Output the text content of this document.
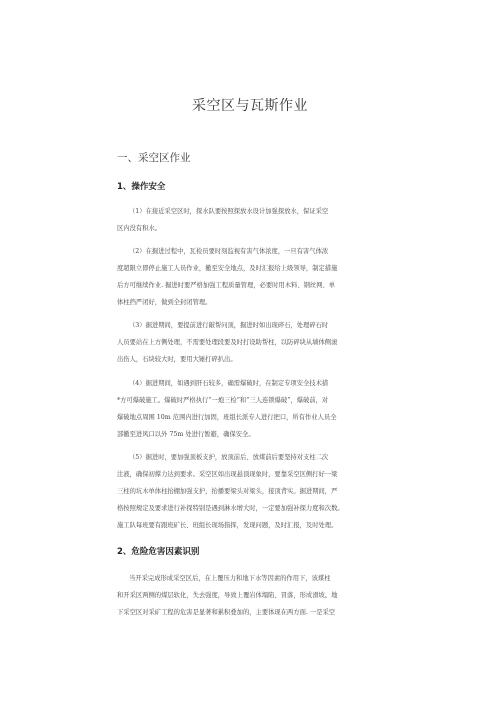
采空区与瓦斯作业
一、采空区作业
1、操作安全
（1）在接近采空区时，探水队要按照探放水设计加强探放水，保证采空
区内没有积水。
（2）在掘进过程中，瓦检员要时刻监视有害气体浓度，一旦有害气体浓
度超限立即停止施工人员作业，撤至安全地点，及时汇报给上级领导，制定措施
后方可继续作业. 掘进时要严格加强工程质量管理，必要时用木料、钢丝网、单
体柱挡严闭好，做到全封闭管理。
（3）掘进期间，要提前进行敲帮问顶，掘进时如出现碎石，处理碎石时
人员要站在上方侧处理，不需要处理段要及时打设助帮柱，以防碎块从墙体侧滚
出伤人，石块较大时，要用大锤打碎扒出。
（4）掘进期间，如遇到肝石较多，确需爆破时，在制定专项安全技术措
*方可爆破施工。爆破时严格执行“一炮三检”和“三人连锁爆破”，爆破前，对
爆破地点周围 10m 范围内进行加固，班组长派专人进行把口，所有作业人员全
部撤至进风口以外 75m 处进行暂避，确保安全。
（5）掘进时，要加强顶板支护，放顶前后、放煤前后要坚持对支柱二次
注液，确保初撑力达到要求。采空区如出现悬顶现象时，要靠采空区侧打好一梁
三柱的坑木单体柱抬棚加强支护，抬播要梁头对梁头，接顶背实。掘进期间，严
格按照规定及要求进行补探特别是遇到淋水增大时，一定要加强补探力度和次数。
施工队每班要有跟班矿长、班组长现场指挥，发现问题，及时汇报，及时处理。
2、危险危害因素识别
当开采完成形成采空区后，在上覆压力和地下水等因素的作用下，该煤柱
和开采区两侧的煤层软化，失去强度，导致上覆岩体塌陷、冒落，形成滑坡。地
下采空区对采矿工程的危害是显著和累积叠加的，主要体现在两方面. 一是采空
